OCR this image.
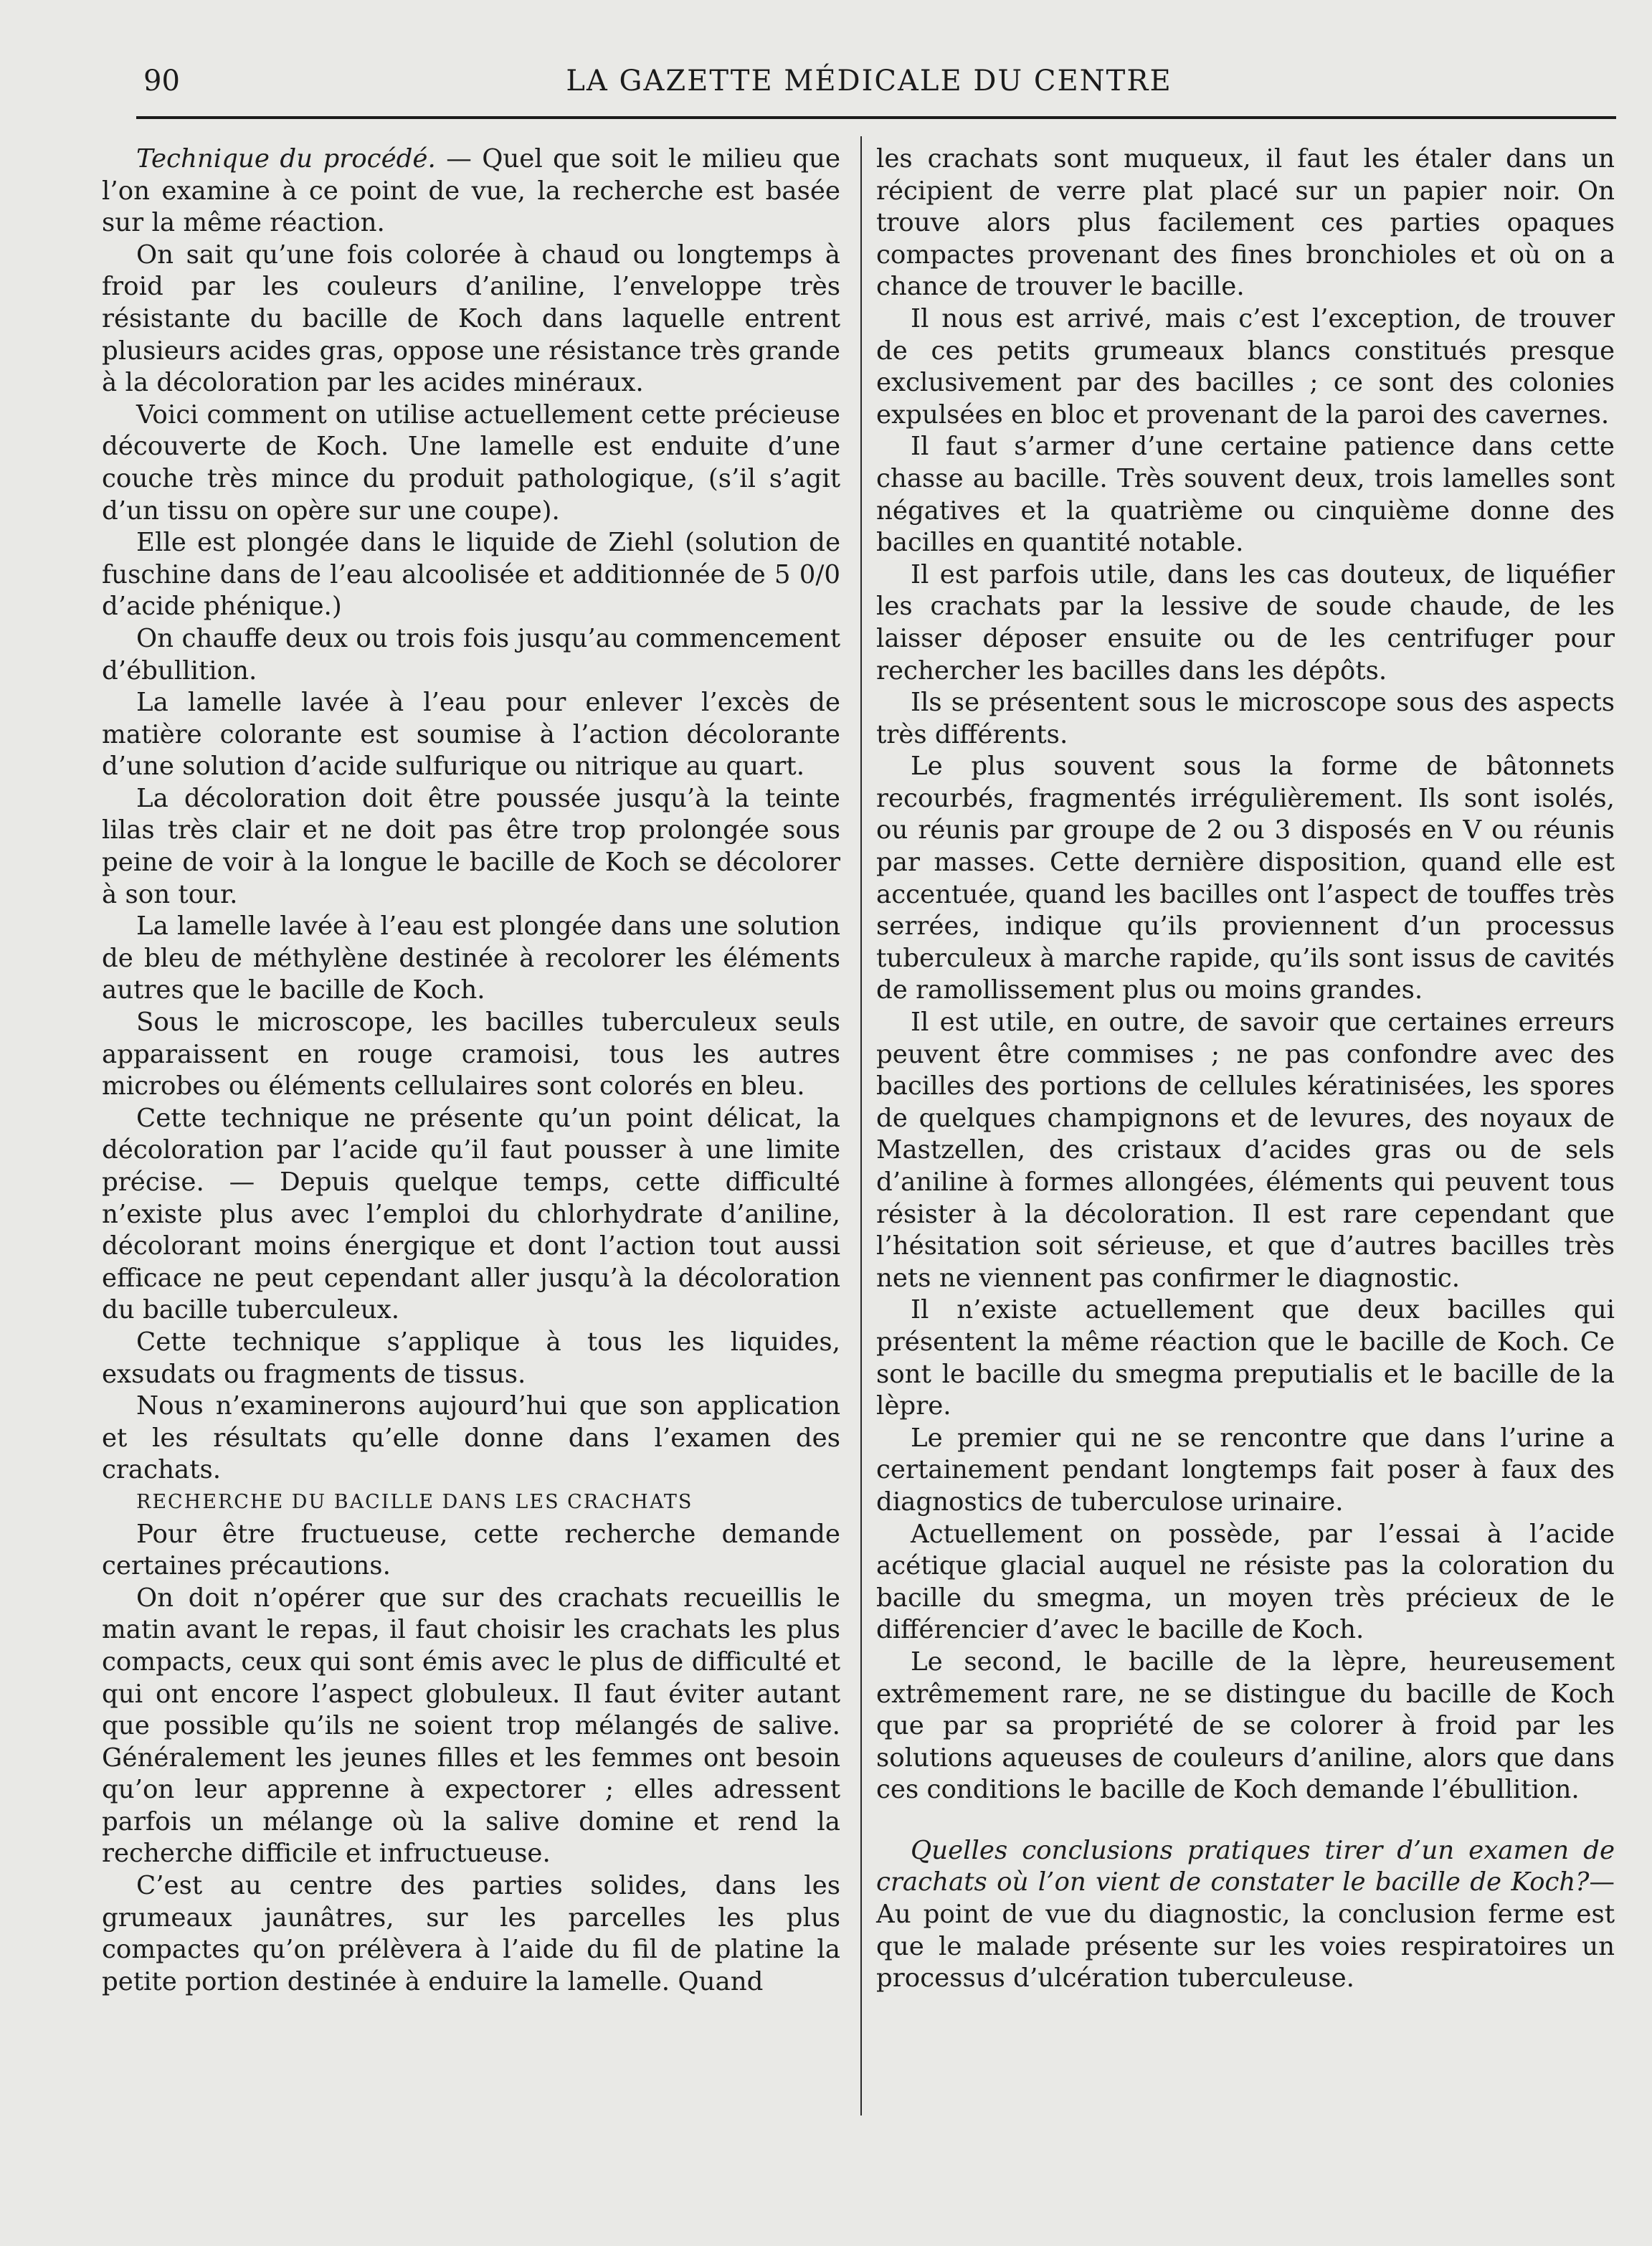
90	LA GAZETTE MÉDICALE DU CENTRE

Technique du procédé. — Quel que soit le milieu que l’on examine à ce point de vue, la recherche est basée sur la même réaction.

On sait qu’une fois colorée à chaud ou longtemps à froid par les couleurs d’aniline, l’enveloppe très résistante du bacille de Koch dans laquelle entrent plusieurs acides gras, oppose une résistance très grande à la décoloration par les acides minéraux.

Voici comment on utilise actuellement cette précieuse découverte de Koch. Une lamelle est enduite d’une couche très mince du produit pathologique, (s’il s’agit d’un tissu on opère sur une coupe).

Elle est plongée dans le liquide de Ziehl (solution de fuschine dans de l’eau alcoolisée et additionnée de 5 0/0 d’acide phénique.)

On chauffe deux ou trois fois jusqu’au commencement d’ébullition.

La lamelle lavée à l’eau pour enlever l’excès de matière colorante est soumise à l’action décolorante d’une solution d’acide sulfurique ou nitrique au quart.

La décoloration doit être poussée jusqu’à la teinte lilas très clair et ne doit pas être trop prolongée sous peine de voir à la longue le bacille de Koch se décolorer à son tour.

La lamelle lavée à l’eau est plongée dans une solution de bleu de méthylène destinée à recolorer les éléments autres que le bacille de Koch.

Sous le microscope, les bacilles tuberculeux seuls apparaissent en rouge cramoisi, tous les autres microbes ou éléments cellulaires sont colorés en bleu.

Cette technique ne présente qu’un point délicat, la décoloration par l’acide qu’il faut pousser à une limite précise. — Depuis quelque temps, cette difficulté n’existe plus avec l’emploi du chlorhydrate d’aniline, décolorant moins énergique et dont l’action tout aussi efficace ne peut cependant aller jusqu’à la décoloration du bacille tuberculeux.

Cette technique s’applique à tous les liquides, exsudats ou fragments de tissus.

Nous n’examinerons aujourd’hui que son application et les résultats qu’elle donne dans l’examen des crachats.

RECHERCHE DU BACILLE DANS LES CRACHATS

Pour être fructueuse, cette recherche demande certaines précautions.

On doit n’opérer que sur des crachats recueillis le matin avant le repas, il faut choisir les crachats les plus compacts, ceux qui sont émis avec le plus de difficulté et qui ont encore l’aspect globuleux. Il faut éviter autant que possible qu’ils ne soient trop mélangés de salive. Généralement les jeunes filles et les femmes ont besoin qu’on leur apprenne à expectorer ; elles adressent parfois un mélange où la salive domine et rend la recherche difficile et infructueuse.

C’est au centre des parties solides, dans les grumeaux jaunâtres, sur les parcelles les plus compactes qu’on prélèvera à l’aide du fil de platine la petite portion destinée à enduire la lamelle. Quand

les crachats sont muqueux, il faut les étaler dans un récipient de verre plat placé sur un papier noir. On trouve alors plus facilement ces parties opaques compactes provenant des fines bronchioles et où on a chance de trouver le bacille.

Il nous est arrivé, mais c’est l’exception, de trouver de ces petits grumeaux blancs constitués presque exclusivement par des bacilles ; ce sont des colonies expulsées en bloc et provenant de la paroi des cavernes.

Il faut s’armer d’une certaine patience dans cette chasse au bacille. Très souvent deux, trois lamelles sont négatives et la quatrième ou cinquième donne des bacilles en quantité notable.

Il est parfois utile, dans les cas douteux, de liquéfier les crachats par la lessive de soude chaude, de les laisser déposer ensuite ou de les centrifuger pour rechercher les bacilles dans les dépôts.

Ils se présentent sous le microscope sous des aspects très différents.

Le plus souvent sous la forme de bâtonnets recourbés, fragmentés irrégulièrement. Ils sont isolés, ou réunis par groupe de 2 ou 3 disposés en V ou réunis par masses. Cette dernière disposition, quand elle est accentuée, quand les bacilles ont l’aspect de touffes très serrées, indique qu’ils proviennent d’un processus tuberculeux à marche rapide, qu’ils sont issus de cavités de ramollissement plus ou moins grandes.

Il est utile, en outre, de savoir que certaines erreurs peuvent être commises ; ne pas confondre avec des bacilles des portions de cellules kératinisées, les spores de quelques champignons et de levures, des noyaux de Mastzellen, des cristaux d’acides gras ou de sels d’aniline à formes allongées, éléments qui peuvent tous résister à la décoloration. Il est rare cependant que l’hésitation soit sérieuse, et que d’autres bacilles très nets ne viennent pas confirmer le diagnostic.

Il n’existe actuellement que deux bacilles qui présentent la même réaction que le bacille de Koch. Ce sont le bacille du smegma preputialis et le bacille de la lèpre.

Le premier qui ne se rencontre que dans l’urine a certainement pendant longtemps fait poser à faux des diagnostics de tuberculose urinaire.

Actuellement on possède, par l’essai à l’acide acétique glacial auquel ne résiste pas la coloration du bacille du smegma, un moyen très précieux de le différencier d’avec le bacille de Koch.

Le second, le bacille de la lèpre, heureusement extrêmement rare, ne se distingue du bacille de Koch que par sa propriété de se colorer à froid par les solutions aqueuses de couleurs d’aniline, alors que dans ces conditions le bacille de Koch demande l’ébullition.

Quelles conclusions pratiques tirer d’un examen de crachats où l’on vient de constater le bacille de Koch?— Au point de vue du diagnostic, la conclusion ferme est que le malade présente sur les voies respiratoires un processus d’ulcération tuberculeuse.
